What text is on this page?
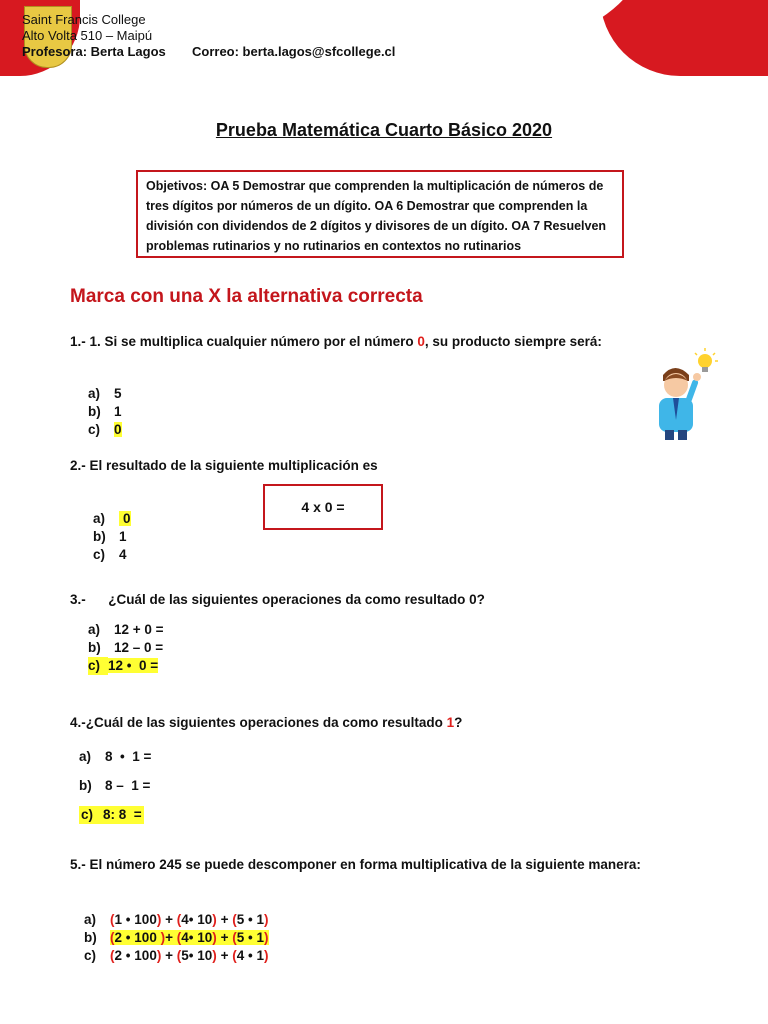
Saint Francis College
Alto Volta 510 – Maipú
Profesora: Berta Lagos Correo: berta.lagos@sfcollege.cl
Prueba Matemática Cuarto Básico 2020
Objetivos: OA 5 Demostrar que comprenden la multiplicación de números de tres dígitos por números de un dígito. OA 6 Demostrar que comprenden la división con dividendos de 2 dígitos y divisores de un dígito. OA 7 Resuelven problemas rutinarios y no rutinarios en contextos no rutinarios
Marca con una X la alternativa correcta
1.- 1. Si se multiplica cualquier número por el número 0, su producto siempre será:
a) 5
b) 1
c) 0
2.- El resultado de la siguiente multiplicación es
4 x 0 =
a) 0
b) 1
c) 4
3.-      ¿Cuál de las siguientes operaciones da como resultado 0?
a) 12 + 0 =
b) 12 – 0 =
c) 12 •  0 =
4.-¿Cuál de las siguientes operaciones da como resultado 1?
a) 8  •  1 =
b) 8 –  1 =
c) 8: 8  =
5.- El número 245 se puede descomponer en forma multiplicativa de la siguiente manera:
a) (1 • 100) + (4• 10) + (5 • 1)
b) (2 • 100 )+ (4• 10) + (5 • 1)
c) (2 • 100) + (5• 10) + (4 • 1)
